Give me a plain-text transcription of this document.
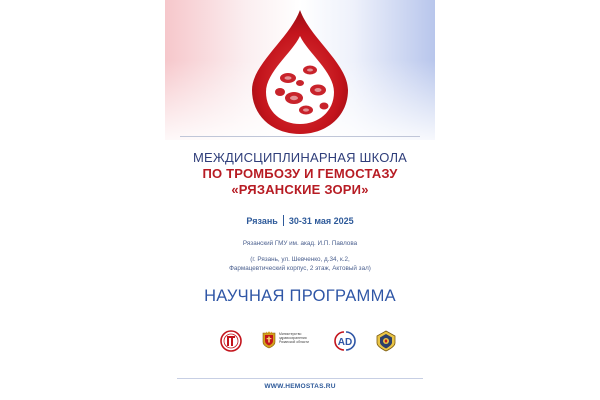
МЕЖДИСЦИПЛИНАРНАЯ ШКОЛА
ПО ТРОМБОЗУ И ГЕМОСТАЗУ
«РЯЗАНСКИЕ ЗОРИ»
Рязань 30-31 мая 2025
Рязанский ГМУ им. акад. И.П. Павлова
(г. Рязань, ул. Шевченко, д.34, к.2,
Фармацевтический корпус, 2 этаж, Актовый зал)
НАУЧНАЯ ПРОГРАММА
Министерство
здравоохранения
Рязанской области	АD
WWW.HEMOSTAS.RU
